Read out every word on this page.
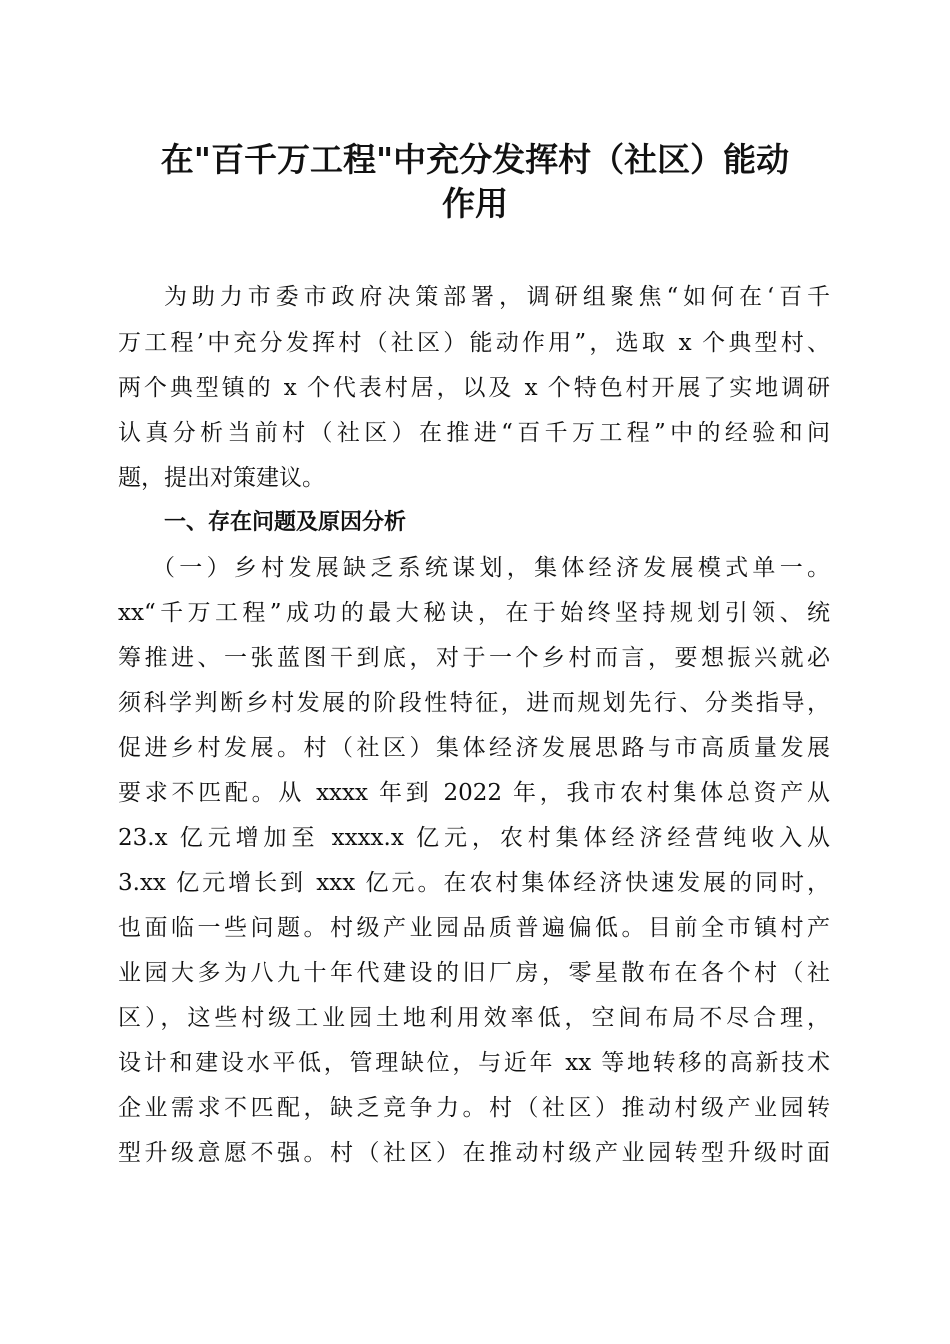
在"百千万工程"中充分发挥村（社区）能动
作用
为助力市委市政府决策部署，调研组聚焦“如何在‘百千
万工程’中充分发挥村（社区）能动作用”，选取 x 个典型村、
两个典型镇的 x 个代表村居，以及 x 个特色村开展了实地调研
认真分析当前村（社区）在推进“百千万工程”中的经验和问
题，提出对策建议。
一、存在问题及原因分析
（一）乡村发展缺乏系统谋划，集体经济发展模式单一。
xx“千万工程”成功的最大秘诀，在于始终坚持规划引领、统
筹推进、一张蓝图干到底，对于一个乡村而言，要想振兴就必
须科学判断乡村发展的阶段性特征，进而规划先行、分类指导，
促进乡村发展。村（社区）集体经济发展思路与市高质量发展
要求不匹配。从 xxxx 年到 2022 年，我市农村集体总资产从
23.x 亿元增加至 xxxx.x 亿元，农村集体经济经营纯收入从
3.xx 亿元增长到 xxx 亿元。在农村集体经济快速发展的同时，
也面临一些问题。村级产业园品质普遍偏低。目前全市镇村产
业园大多为八九十年代建设的旧厂房，零星散布在各个村（社
区），这些村级工业园土地利用效率低，空间布局不尽合理，
设计和建设水平低，管理缺位，与近年 xx 等地转移的高新技术
企业需求不匹配，缺乏竞争力。村（社区）推动村级产业园转
型升级意愿不强。村（社区）在推动村级产业园转型升级时面
